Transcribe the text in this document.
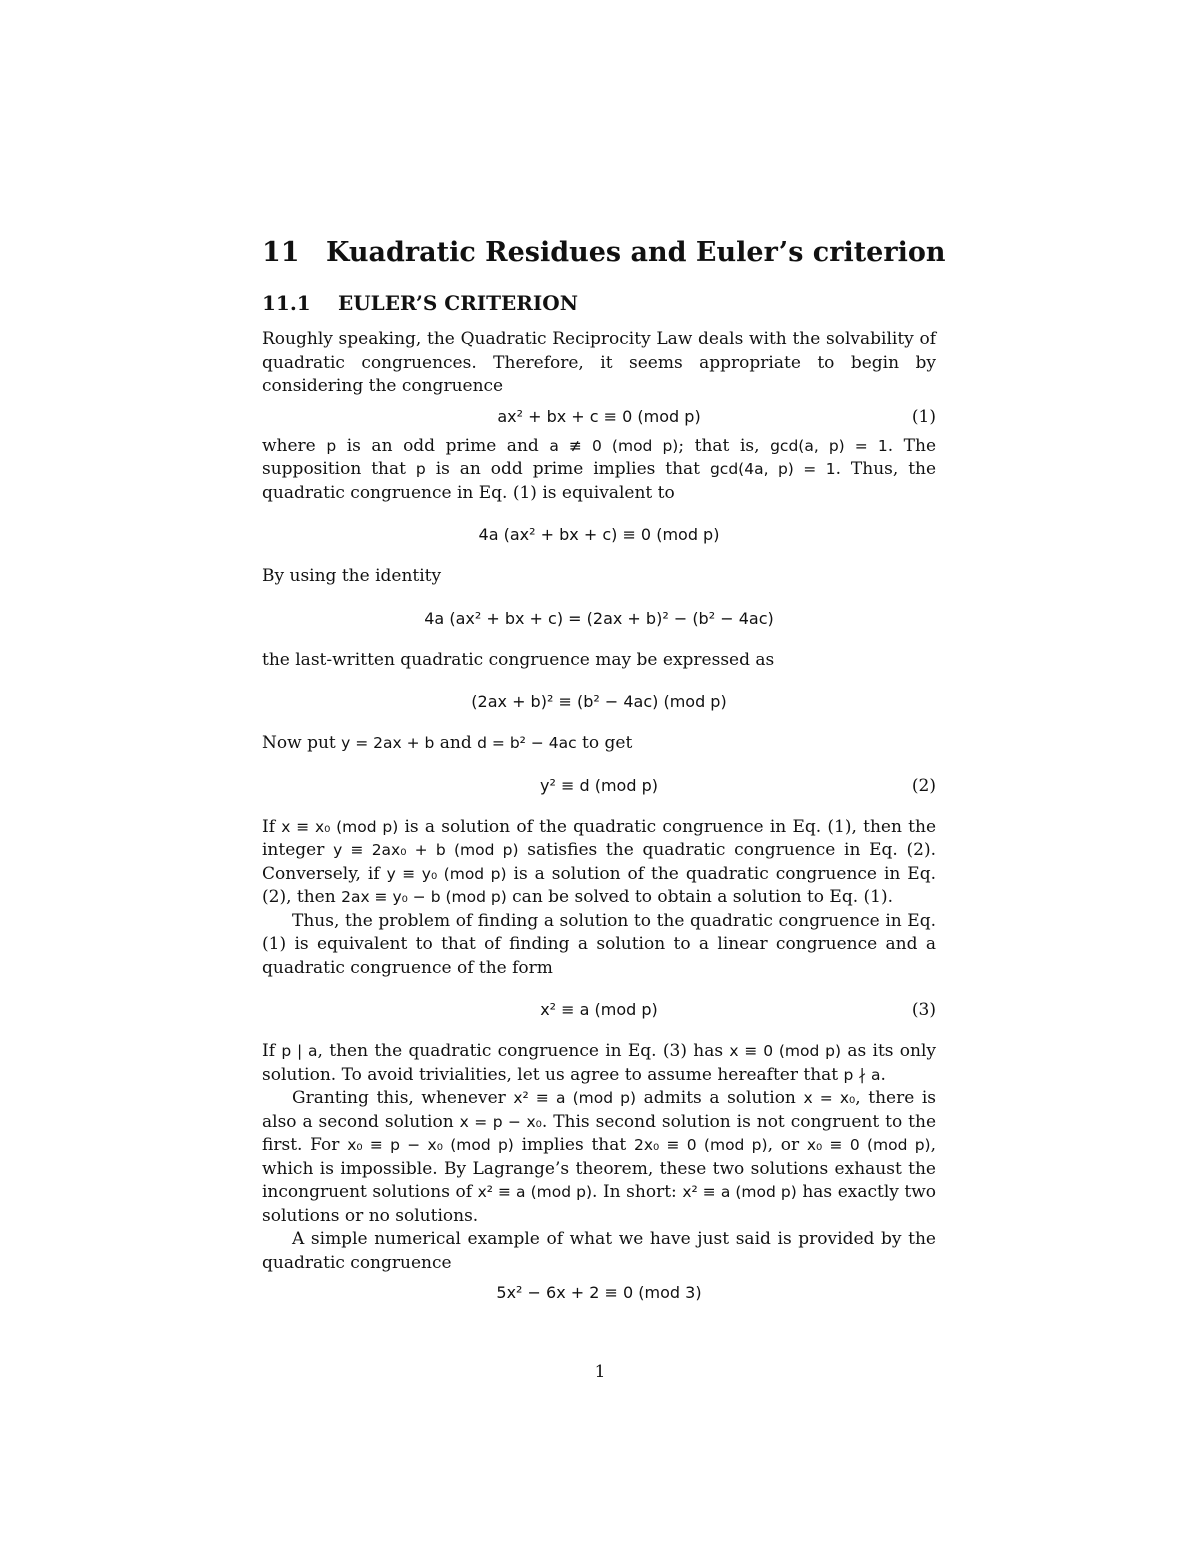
11 Kuadratic Residues and Euler’s criterion
11.1 EULER’S CRITERION

Roughly speaking, the Quadratic Reciprocity Law deals with the solvability of quadratic congruences. Therefore, it seems appropriate to begin by considering the congruence

ax² + bx + c ≡ 0 (mod p)	(1)

where p is an odd prime and a ≢ 0 (mod p); that is, gcd(a, p) = 1. The supposition that p is an odd prime implies that gcd(4a, p) = 1. Thus, the quadratic congruence in Eq. (1) is equivalent to

4a (ax² + bx + c) ≡ 0 (mod p)

By using the identity

4a (ax² + bx + c) = (2ax + b)² − (b² − 4ac)

the last-written quadratic congruence may be expressed as

(2ax + b)² ≡ (b² − 4ac) (mod p)

Now put y = 2ax + b and d = b² − 4ac to get

y² ≡ d (mod p)	(2)

If x ≡ x₀ (mod p) is a solution of the quadratic congruence in Eq. (1), then the integer y ≡ 2ax₀ + b (mod p) satisfies the quadratic congruence in Eq. (2). Conversely, if y ≡ y₀ (mod p) is a solution of the quadratic congruence in Eq. (2), then 2ax ≡ y₀ − b (mod p) can be solved to obtain a solution to Eq. (1).

Thus, the problem of finding a solution to the quadratic congruence in Eq. (1) is equivalent to that of finding a solution to a linear congruence and a quadratic congruence of the form

x² ≡ a (mod p)	(3)

If p | a, then the quadratic congruence in Eq. (3) has x ≡ 0 (mod p) as its only solution. To avoid trivialities, let us agree to assume hereafter that p ∤ a.

Granting this, whenever x² ≡ a (mod p) admits a solution x = x₀, there is also a second solution x = p − x₀. This second solution is not congruent to the first. For x₀ ≡ p − x₀ (mod p) implies that 2x₀ ≡ 0 (mod p), or x₀ ≡ 0 (mod p), which is impossible. By Lagrange’s theorem, these two solutions exhaust the incongruent solutions of x² ≡ a (mod p). In short: x² ≡ a (mod p) has exactly two solutions or no solutions.

A simple numerical example of what we have just said is provided by the quadratic congruence

5x² − 6x + 2 ≡ 0 (mod 3)
1
